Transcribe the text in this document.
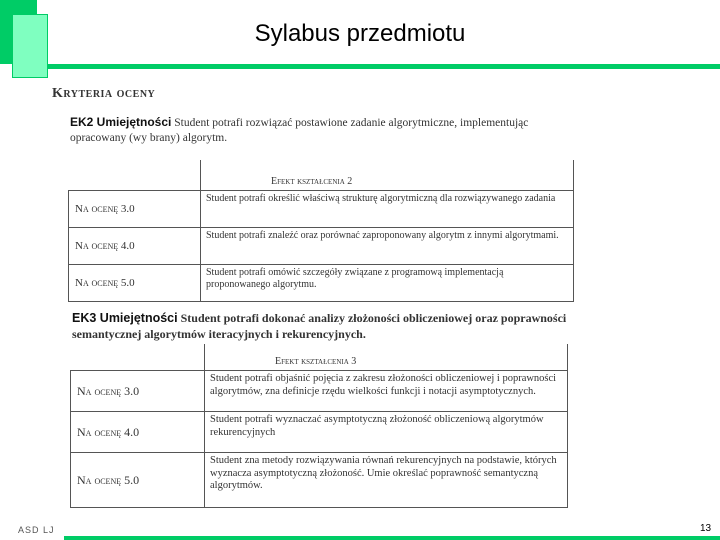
Sylabus przedmiotu
Kryteria oceny
EK2 Umiejętności Student potrafi rozwiązać postawione zadanie algorytmiczne, implementując opracowany (wy brany) algorytm.
	Efekt kształcenia 2
Na ocenę 3.0	Student potrafi określić właściwą strukturę algorytmiczną dla rozwiązywanego zadania
Na ocenę 4.0	Student potrafi znaleźć oraz porównać zaproponowany algorytm z innymi algorytmami.
Na ocenę 5.0	Student potrafi omówić szczegóły związane z programową implementacją proponowanego algorytmu.
EK3 Umiejętności Student potrafi dokonać analizy złożoności obliczeniowej oraz poprawności semantycznej algorytmów iteracyjnych i rekurencyjnych.
	Efekt kształcenia 3
Na ocenę 3.0	Student potrafi objaśnić pojęcia z zakresu złożoności obliczeniowej i poprawności algorytmów, zna definicje rzędu wielkości funkcji i notacji asymptotycznych.
Na ocenę 4.0	Student potrafi wyznaczać asymptotyczną złożoność obliczeniową algorytmów rekurencyjnych
Na ocenę 5.0	Student zna metody rozwiązywania równań rekurencyjnych na podstawie, których wyznacza asymptotyczną złożoność. Umie określać poprawność semantyczną algorytmów.
ASD LJ	13
